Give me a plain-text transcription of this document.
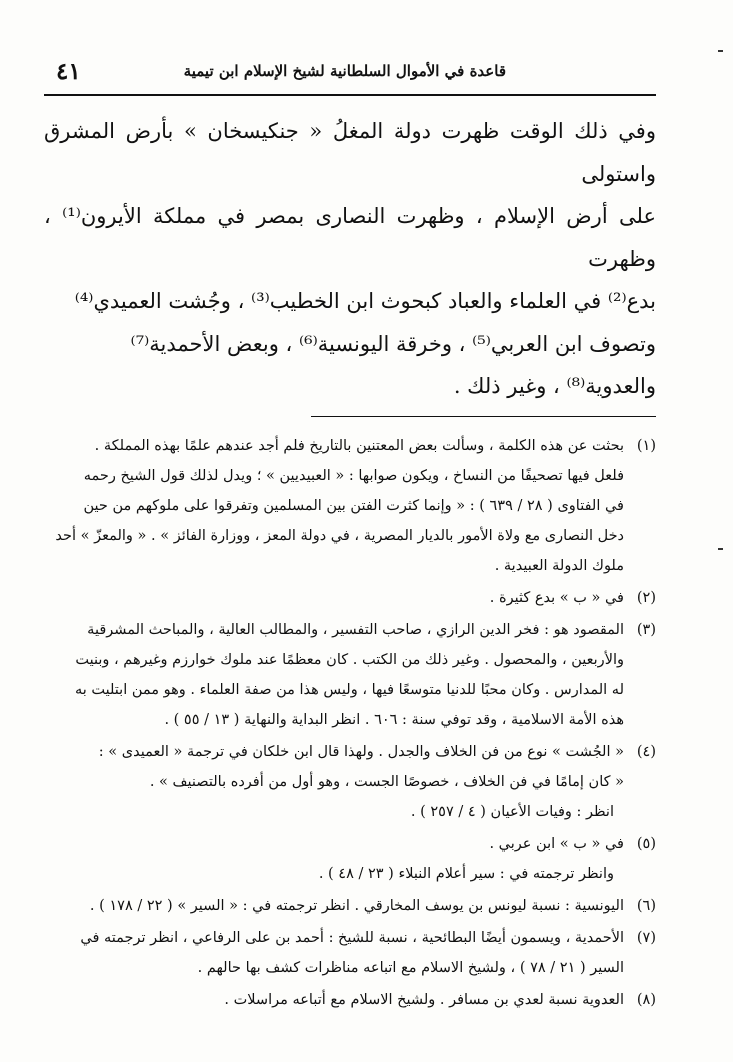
قاعدة في الأموال السلطانية لشيخ الإسلام ابن تيمية
٤١

وفي ذلك الوقت ظهرت دولة المغلُ « جنكيسخان » بأرض المشرق واستولى

على أرض الإسلام ، وظهرت النصارى بمصر في مملكة الأيرون⁽¹⁾ ، وظهرت

بدع⁽²⁾ في العلماء والعباد كبحوث ابن الخطيب⁽³⁾ ، وجُشت العميدي⁽⁴⁾

وتصوف ابن العربي⁽⁵⁾ ، وخرقة اليونسية⁽⁶⁾ ، وبعض الأحمدية⁽⁷⁾

والعدوية⁽⁸⁾ ، وغير ذلك .

(١)
بحثت عن هذه الكلمة ، وسألت بعض المعتنين بالتاريخ فلم أجد عندهم علمًا بهذه المملكة .
فلعل فيها تصحيفًا من النساخ ، ويكون صوابها : « العبيديين » ؛ ويدل لذلك قول الشيخ رحمه
في الفتاوى ( ٢٨ / ٦٣٩ ) : « وإنما كثرت الفتن بين المسلمين وتفرقوا على ملوكهم من حين
دخل النصارى مع ولاة الأمور بالديار المصرية ، في دولة المعز ، ووزارة الفائز » . « والمعزّ » أحد
ملوك الدولة العبيدية .
(٢)
في « ب » بدع كثيرة .
(٣)
المقصود هو : فخر الدين الرازي ، صاحب التفسير ، والمطالب العالية ، والمباحث المشرقية
والأربعين ، والمحصول . وغير ذلك من الكتب . كان معظمًا عند ملوك خوارزم وغيرهم ، وبنيت
له المدارس . وكان محبًا للدنيا متوسعًا فيها ، وليس هذا من صفة العلماء . وهو ممن ابتليت به
هذه الأمة الاسلامية ، وقد توفي سنة : ٦٠٦ . انظر البداية والنهاية ( ١٣ / ٥٥ ) .
(٤)
« الجُشت » نوع من فن الخلاف والجدل . ولهذا قال ابن خلكان في ترجمة « العميدى » :
« كان إمامًا في فن الخلاف ، خصوصًا الجست ، وهو أول من أفرده بالتصنيف » .
انظر : وفيات الأعيان ( ٤ / ٢٥٧ ) .
(٥)
في « ب » ابن عربي .
وانظر ترجمته في : سير أعلام النبلاء ( ٢٣ / ٤٨ ) .
(٦)
اليونسية : نسبة ليونس بن يوسف المخارقي . انظر ترجمته في : « السير » ( ٢٢ / ١٧٨ ) .
(٧)
الأحمدية ، ويسمون أيضًا البطائحية ، نسبة للشيخ : أحمد بن على الرفاعي ، انظر ترجمته في
السير ( ٢١ / ٧٨ ) ، ولشيخ الاسلام مع اتباعه مناظرات كشف بها حالهم .
(٨)
العدوية نسبة لعدي بن مسافر . ولشيخ الاسلام مع أتباعه مراسلات .
